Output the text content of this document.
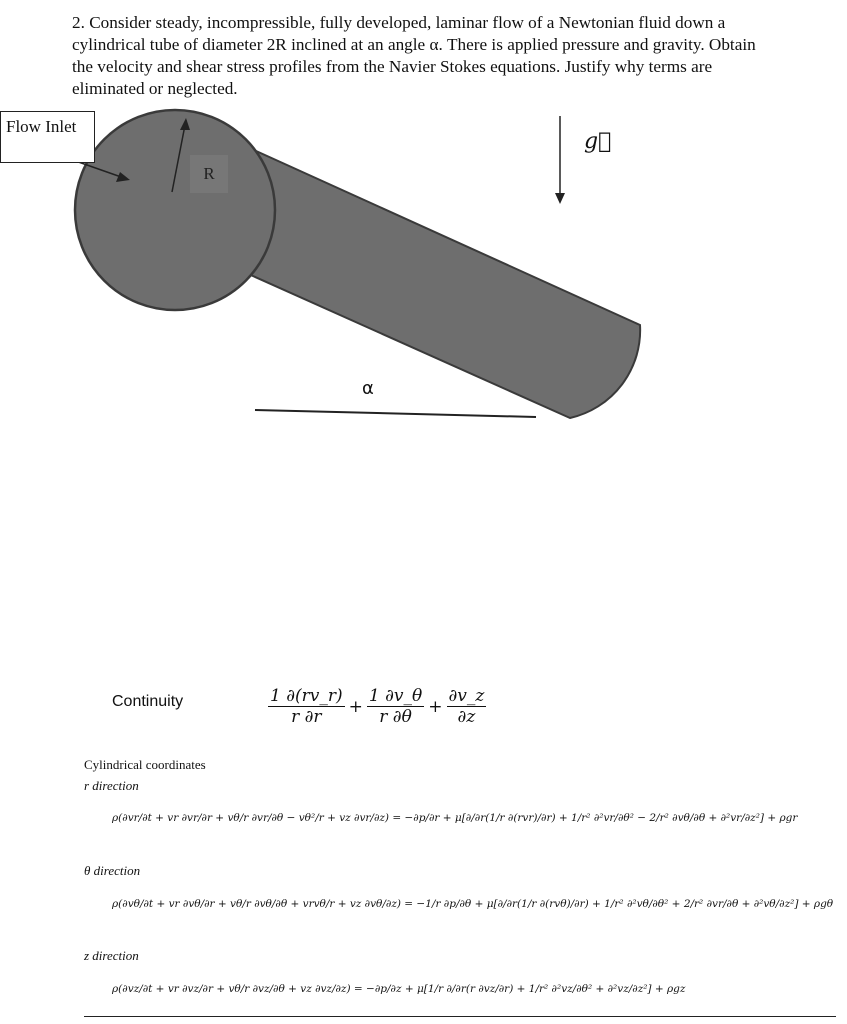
2. Consider steady, incompressible, fully developed, laminar flow of a Newtonian fluid down a cylindrical tube of diameter 2R inclined at an angle α. There is applied pressure and gravity. Obtain the velocity and shear stress profiles from the Navier Stokes equations. Justify why terms are eliminated or neglected.
Flow Inlet
R
g⃗
α
Continuity	$\frac{1 \partial(rv\_r)}{r \partial r} + \frac{1 \partial v\_\theta}{r \partial\theta} + \frac{\partial v\_z}{\partial z}$
Cylindrical coordinates
r direction
ρ(∂vr/∂t + vr ∂vr/∂r + vθ/r ∂vr/∂θ − vθ²/r + vz ∂vr/∂z) = −∂p/∂r + μ[∂/∂r(1/r ∂(rvr)/∂r) + 1/r² ∂²vr/∂θ² − 2/r² ∂vθ/∂θ + ∂²vr/∂z²] + ρgr
θ direction
ρ(∂vθ/∂t + vr ∂vθ/∂r + vθ/r ∂vθ/∂θ + vrvθ/r + vz ∂vθ/∂z) = −1/r ∂p/∂θ + μ[∂/∂r(1/r ∂(rvθ)/∂r) + 1/r² ∂²vθ/∂θ² + 2/r² ∂vr/∂θ + ∂²vθ/∂z²] + ρgθ
z direction
ρ(∂vz/∂t + vr ∂vz/∂r + vθ/r ∂vz/∂θ + vz ∂vz/∂z) = −∂p/∂z + μ[1/r ∂/∂r(r ∂vz/∂r) + 1/r² ∂²vz/∂θ² + ∂²vz/∂z²] + ρgz
